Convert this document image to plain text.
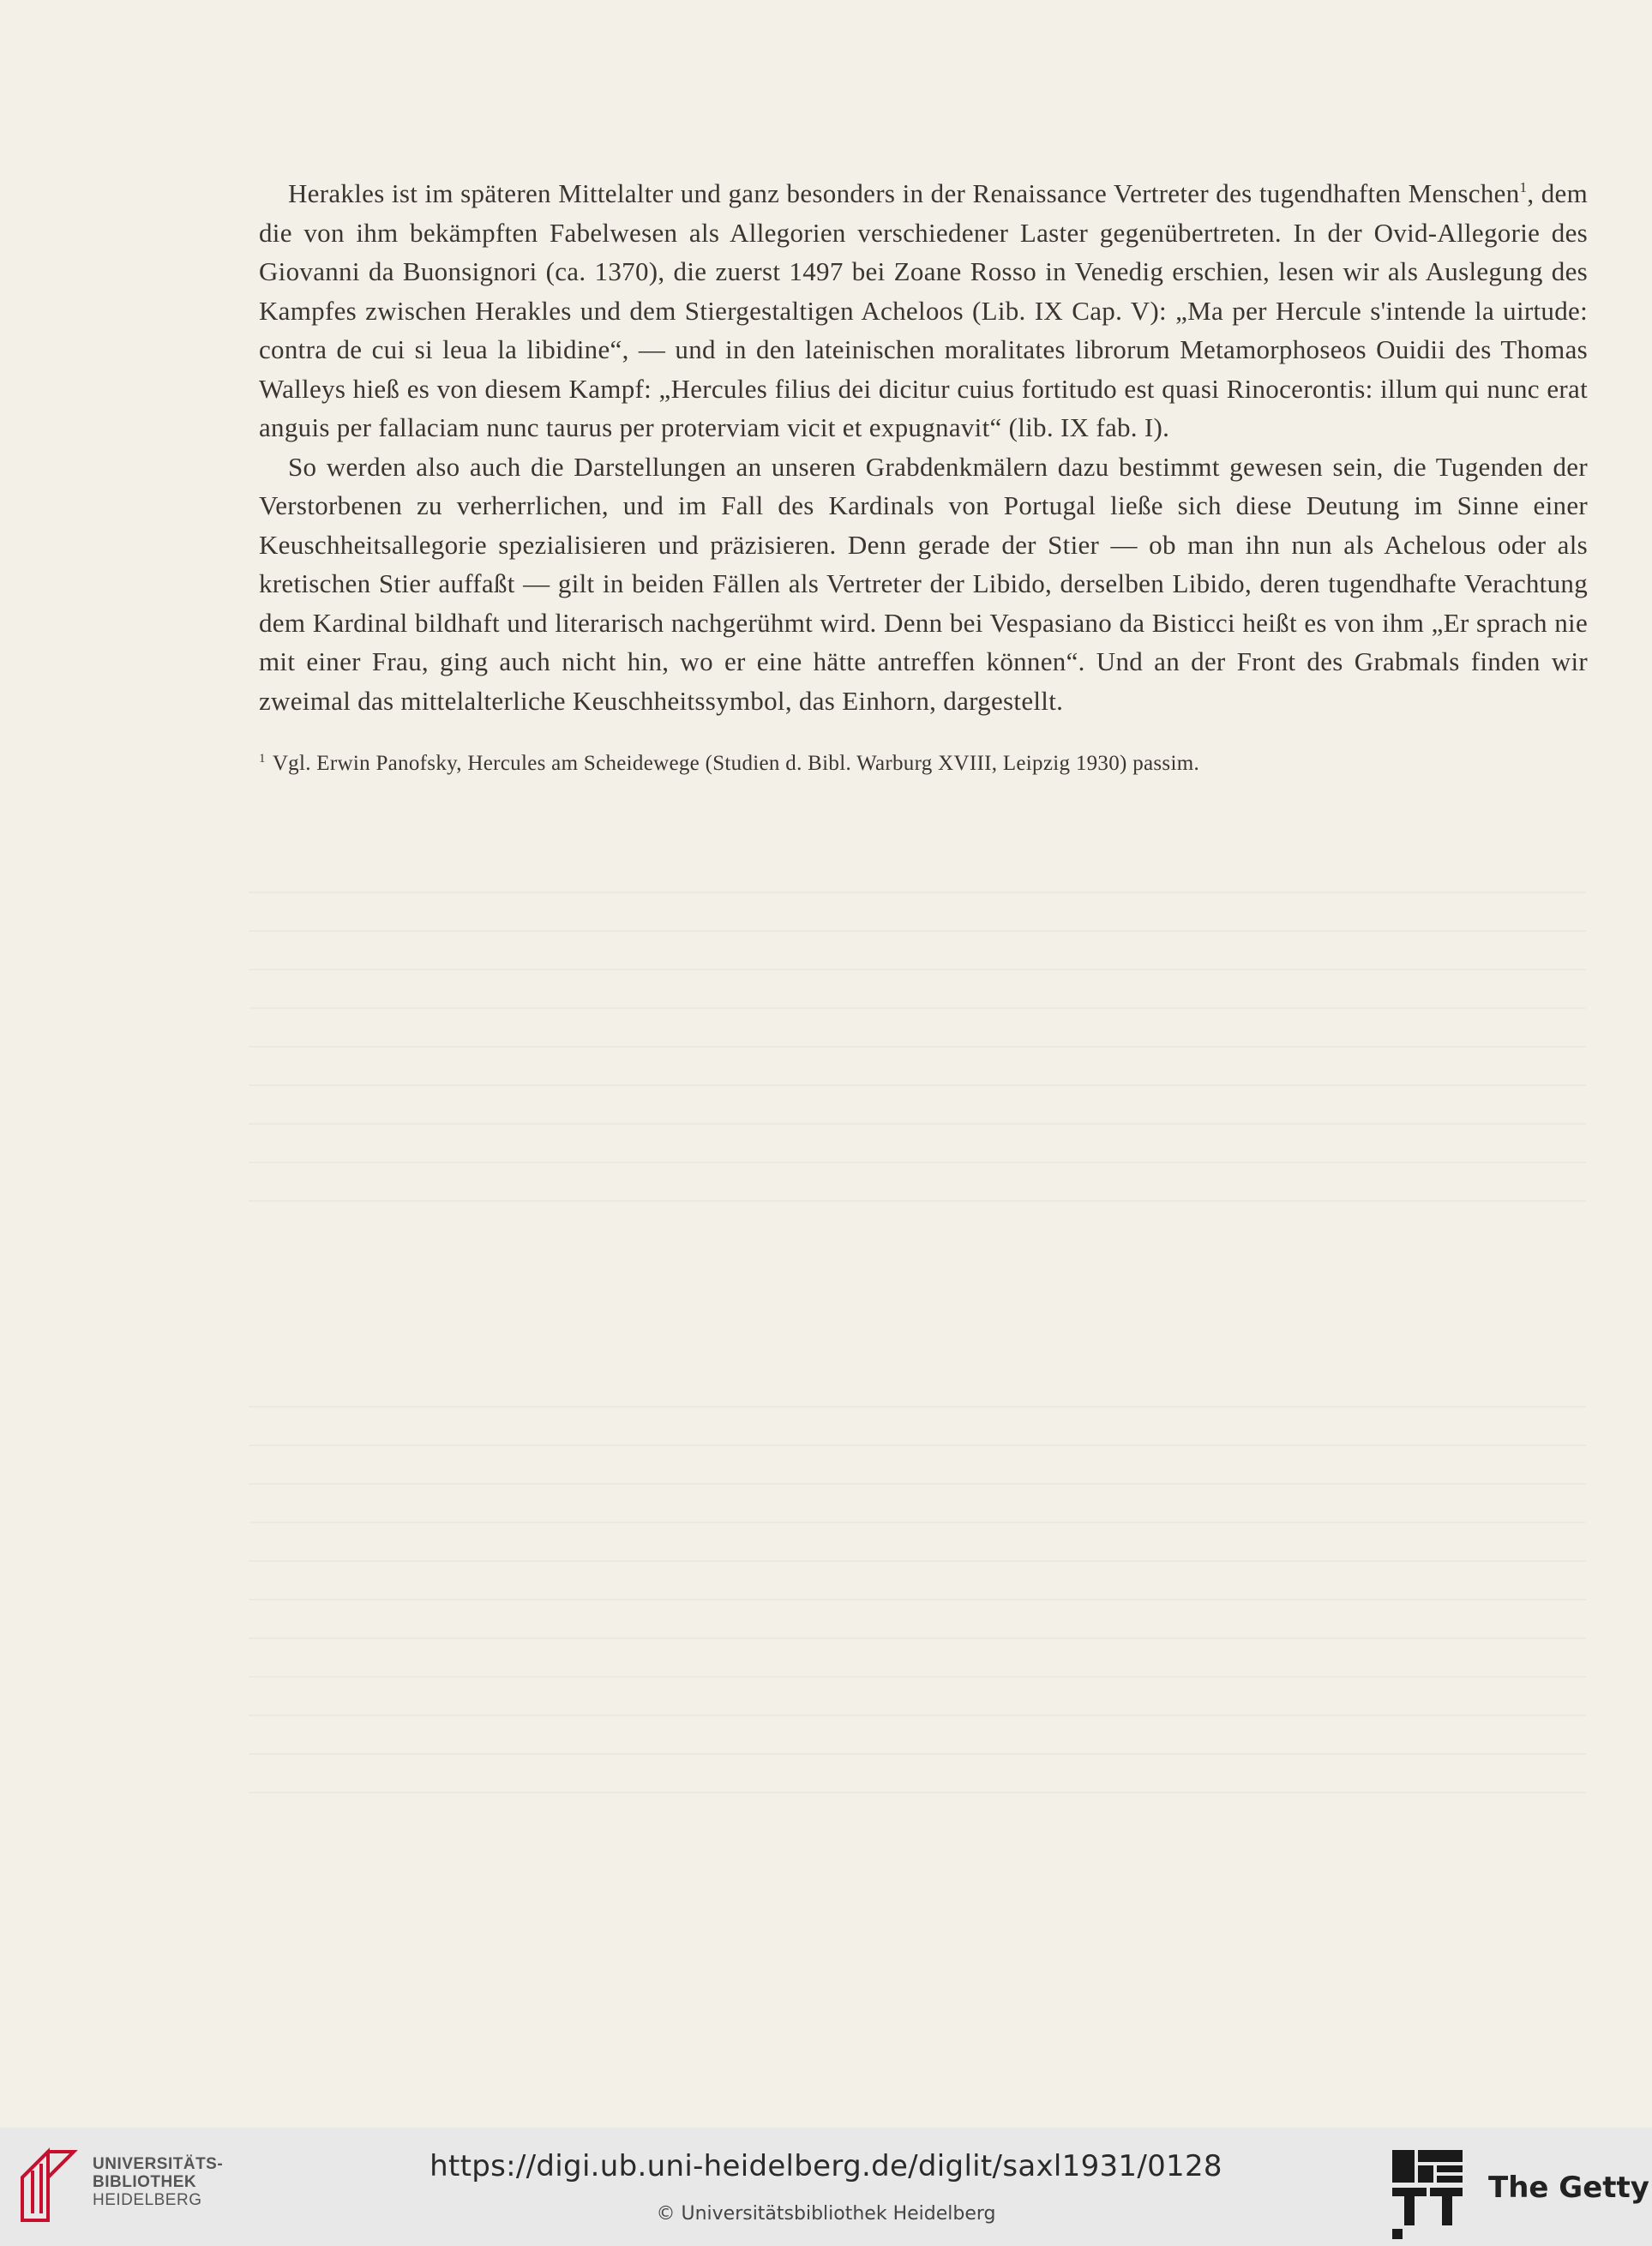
Herakles ist im späteren Mittelalter und ganz besonders in der Renaissance Vertreter des tugendhaften Menschen$^1$, dem die von ihm bekämpften Fabelwesen als Allegorien verschiedener Laster gegenübertreten. In der Ovid-Allegorie des Giovanni da Buonsignori (ca. 1370), die zuerst 1497 bei Zoane Rosso in Venedig erschien, lesen wir als Auslegung des Kampfes zwischen Herakles und dem Stiergestaltigen Acheloos (Lib. IX Cap. V): „Ma per Hercule s'intende la uirtude: contra de cui si leua la libidine“, — und in den lateinischen moralitates librorum Metamorphoseos Ouidii des Thomas Walleys hieß es von diesem Kampf: „Hercules filius dei dicitur cuius fortitudo est quasi Rinocerontis: illum qui nunc erat anguis per fallaciam nunc taurus per proterviam vicit et expugnavit“ (lib. IX fab. I).

So werden also auch die Darstellungen an unseren Grabdenkmälern dazu bestimmt gewesen sein, die Tugenden der Verstorbenen zu verherrlichen, und im Fall des Kardinals von Portugal ließe sich diese Deutung im Sinne einer Keuschheitsallegorie spezialisieren und präzisieren. Denn gerade der Stier — ob man ihn nun als Achelous oder als kretischen Stier auffaßt — gilt in beiden Fällen als Vertreter der Libido, derselben Libido, deren tugendhafte Verachtung dem Kardinal bildhaft und literarisch nachgerühmt wird. Denn bei Vespasiano da Bisticci heißt es von ihm „Er sprach nie mit einer Frau, ging auch nicht hin, wo er eine hätte antreffen können“. Und an der Front des Grabmals finden wir zweimal das mittelalterliche Keuschheitssymbol, das Einhorn, dargestellt.

$^1$ Vgl. Erwin Panofsky, Hercules am Scheidewege (Studien d. Bibl. Warburg XVIII, Leipzig 1930) passim.
UNIVERSITÄTS-
BIBLIOTHEK
HEIDELBERG
https://digi.ub.uni-heidelberg.de/diglit/saxl1931/0128
© Universitätsbibliothek Heidelberg
The Getty
